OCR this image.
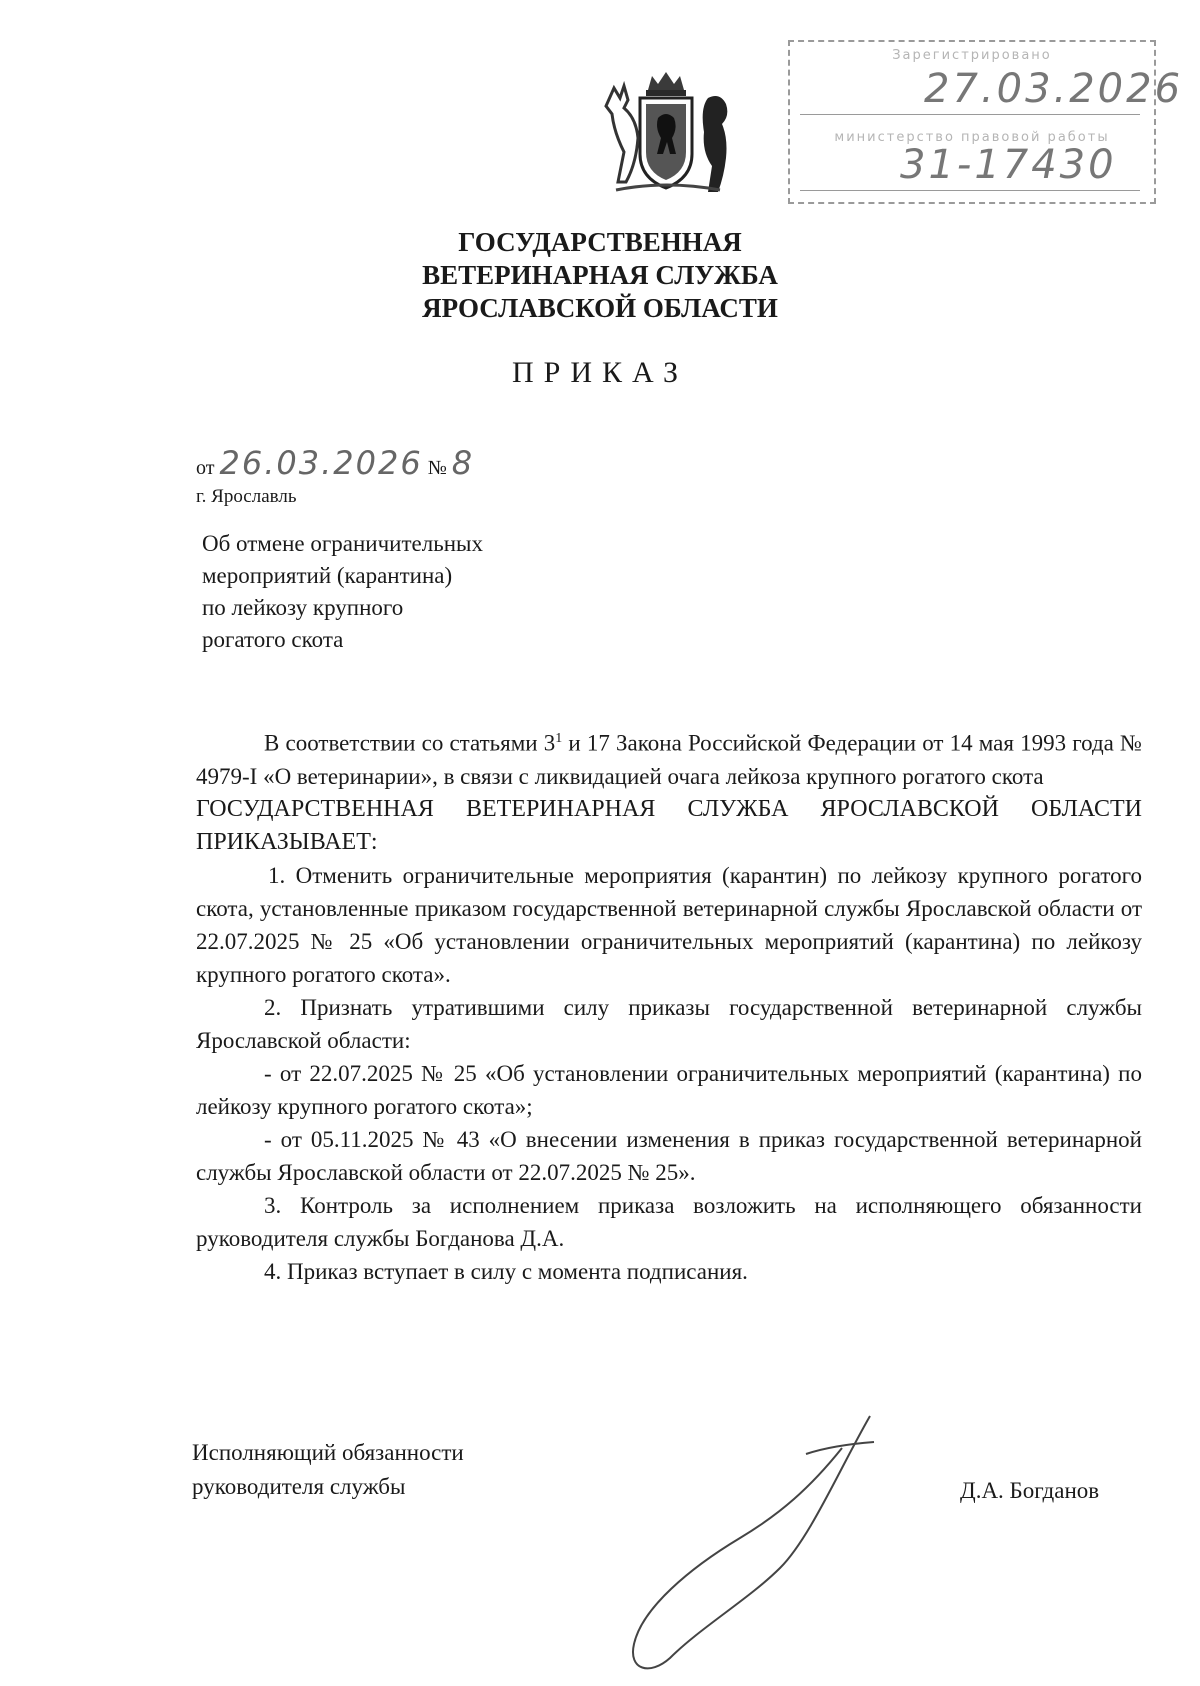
Зарегистрировано
27.03.2026
министерство правовой работы
31-17430
ГОСУДАРСТВЕННАЯ
ВЕТЕРИНАРНАЯ СЛУЖБА
ЯРОСЛАВСКОЙ ОБЛАСТИ
ПРИКАЗ
от 26.03.2026 № 8
г. Ярославль
Об отмене ограничительных
мероприятий (карантина)
по лейкозу крупного
рогатого скота

В соответствии со статьями $3^1$ и 17 Закона Российской Федерации от 14 мая 1993 года № 4979-I «О ветеринарии», в связи с ликвидацией очага лейкоза крупного рогатого скота

ГОСУДАРСТВЕННАЯ ВЕТЕРИНАРНАЯ СЛУЖБА ЯРОСЛАВСКОЙ ОБЛАСТИ ПРИКАЗЫВАЕТ:

1. Отменить ограничительные мероприятия (карантин) по лейкозу крупного рогатого скота, установленные приказом государственной ветеринарной службы Ярославской области от 22.07.2025 № 25 «Об установлении ограничительных мероприятий (карантина) по лейкозу крупного рогатого скота».

2. Признать утратившими силу приказы государственной ветеринарной службы Ярославской области:

- от 22.07.2025 № 25 «Об установлении ограничительных мероприятий (карантина) по лейкозу крупного рогатого скота»;

- от 05.11.2025 № 43 «О внесении изменения в приказ государственной ветеринарной службы Ярославской области от 22.07.2025 № 25».

3. Контроль за исполнением приказа возложить на исполняющего обязанности руководителя службы Богданова Д.А.

4. Приказ вступает в силу с момента подписания.

Исполняющий обязанности
руководителя службы	Д.А. Богданов
